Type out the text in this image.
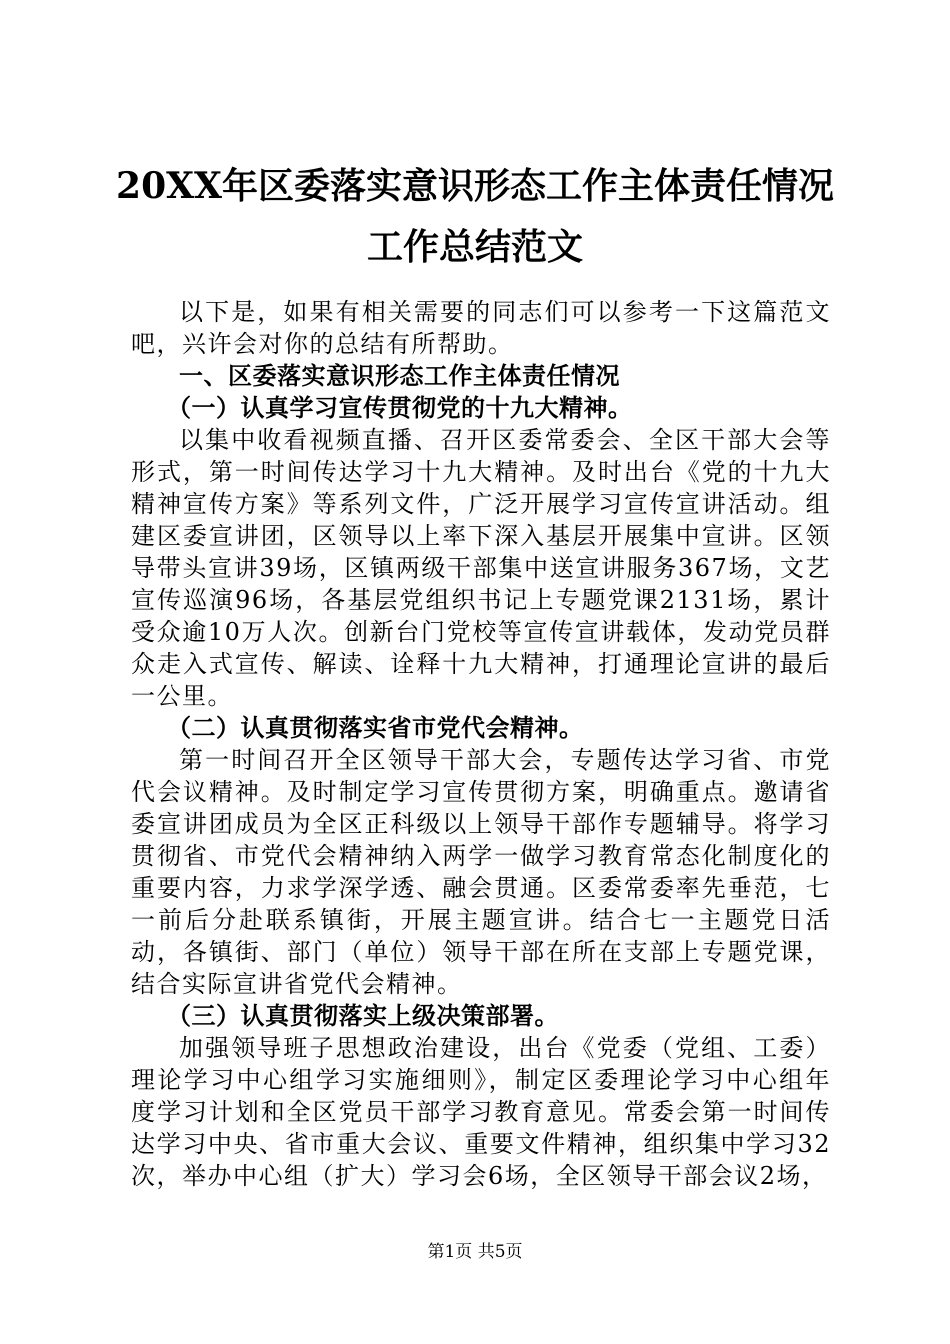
20XX年区委落实意识形态工作主体责任情况
工作总结范文

以下是，如果有相关需要的同志们可以参考一下这篇范文吧，兴许会对你的总结有所帮助。

一、区委落实意识形态工作主体责任情况

（一）认真学习宣传贯彻党的十九大精神。

以集中收看视频直播、召开区委常委会、全区干部大会等形式，第一时间传达学习十九大精神。及时出台《党的十九大精神宣传方案》等系列文件，广泛开展学习宣传宣讲活动。组建区委宣讲团，区领导以上率下深入基层开展集中宣讲。区领导带头宣讲39场，区镇两级干部集中送宣讲服务367场，文艺宣传巡演96场，各基层党组织书记上专题党课2131场，累计受众逾10万人次。创新台门党校等宣传宣讲载体，发动党员群众走入式宣传、解读、诠释十九大精神，打通理论宣讲的最后一公里。

（二）认真贯彻落实省市党代会精神。

第一时间召开全区领导干部大会，专题传达学习省、市党代会议精神。及时制定学习宣传贯彻方案，明确重点。邀请省委宣讲团成员为全区正科级以上领导干部作专题辅导。将学习贯彻省、市党代会精神纳入两学一做学习教育常态化制度化的重要内容，力求学深学透、融会贯通。区委常委率先垂范，七一前后分赴联系镇街，开展主题宣讲。结合七一主题党日活动，各镇街、部门（单位）领导干部在所在支部上专题党课，结合实际宣讲省党代会精神。

（三）认真贯彻落实上级决策部署。

加强领导班子思想政治建设，出台《党委（党组、工委）理论学习中心组学习实施细则》，制定区委理论学习中心组年度学习计划和全区党员干部学习教育意见。常委会第一时间传达学习中央、省市重大会议、重要文件精神，组织集中学习32次，举办中心组（扩大）学习会6场，全区领导干部会议2场，

第1页 共5页
